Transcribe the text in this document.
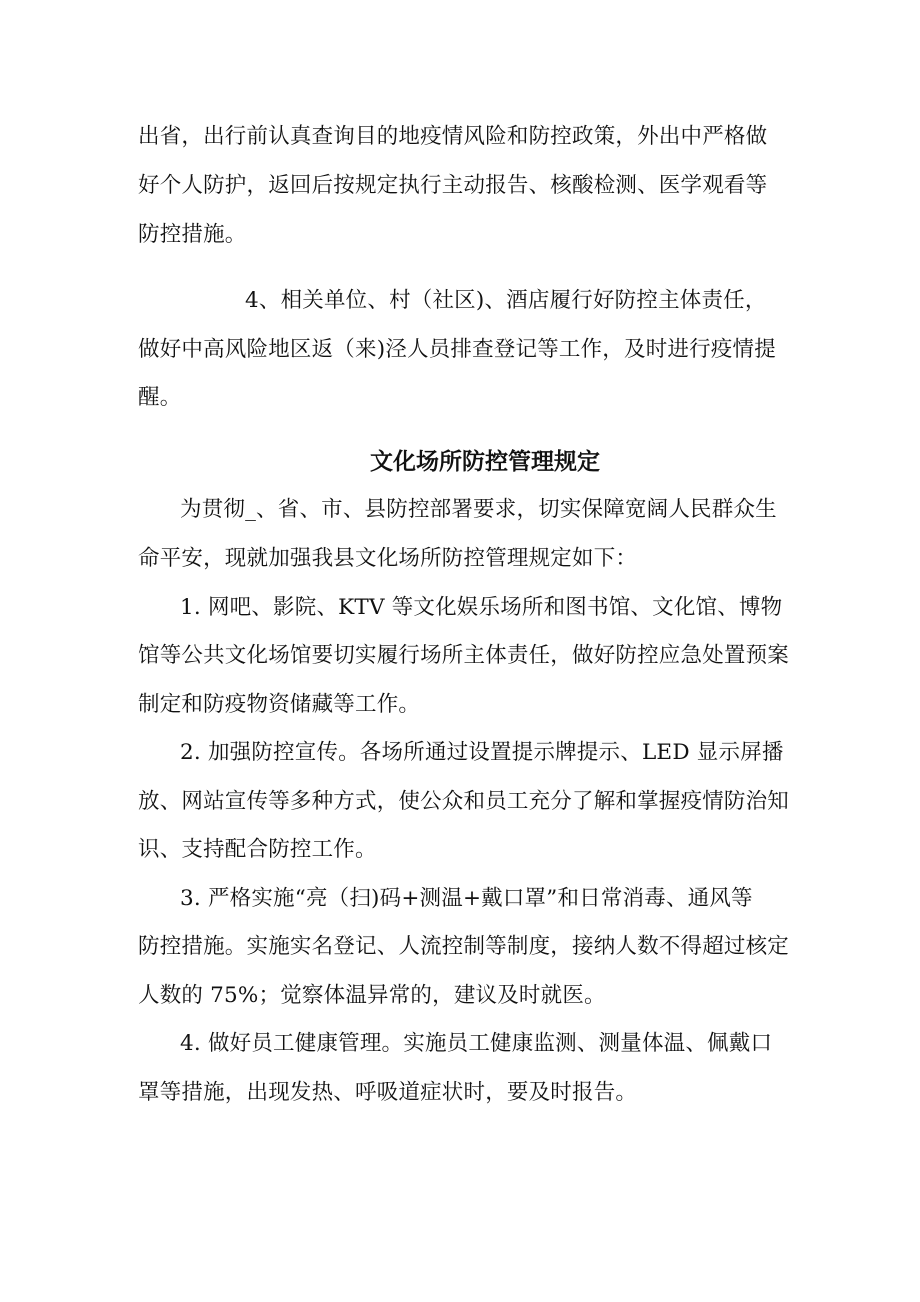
出省，出行前认真查询目的地疫情风险和防控政策，外出中严格做
好个人防护，返回后按规定执行主动报告、核酸检测、医学观看等
防控措施。
4、相关单位、村（社区)、酒店履行好防控主体责任，
做好中高风险地区返（来)泾人员排查登记等工作，及时进行疫情提
醒。
文化场所防控管理规定
为贯彻_、省、市、县防控部署要求，切实保障宽阔人民群众生
命平安，现就加强我县文化场所防控管理规定如下：
1. 网吧、影院、KTV 等文化娱乐场所和图书馆、文化馆、博物
馆等公共文化场馆要切实履行场所主体责任，做好防控应急处置预案
制定和防疫物资储藏等工作。
2. 加强防控宣传。各场所通过设置提示牌提示、LED 显示屏播
放、网站宣传等多种方式，使公众和员工充分了解和掌握疫情防治知
识、支持配合防控工作。
3. 严格实施“亮（扫)码+测温+戴口罩”和日常消毒、通风等
防控措施。实施实名登记、人流控制等制度，接纳人数不得超过核定
人数的 75%；觉察体温异常的，建议及时就医。
4. 做好员工健康管理。实施员工健康监测、测量体温、佩戴口
罩等措施，出现发热、呼吸道症状时，要及时报告。
